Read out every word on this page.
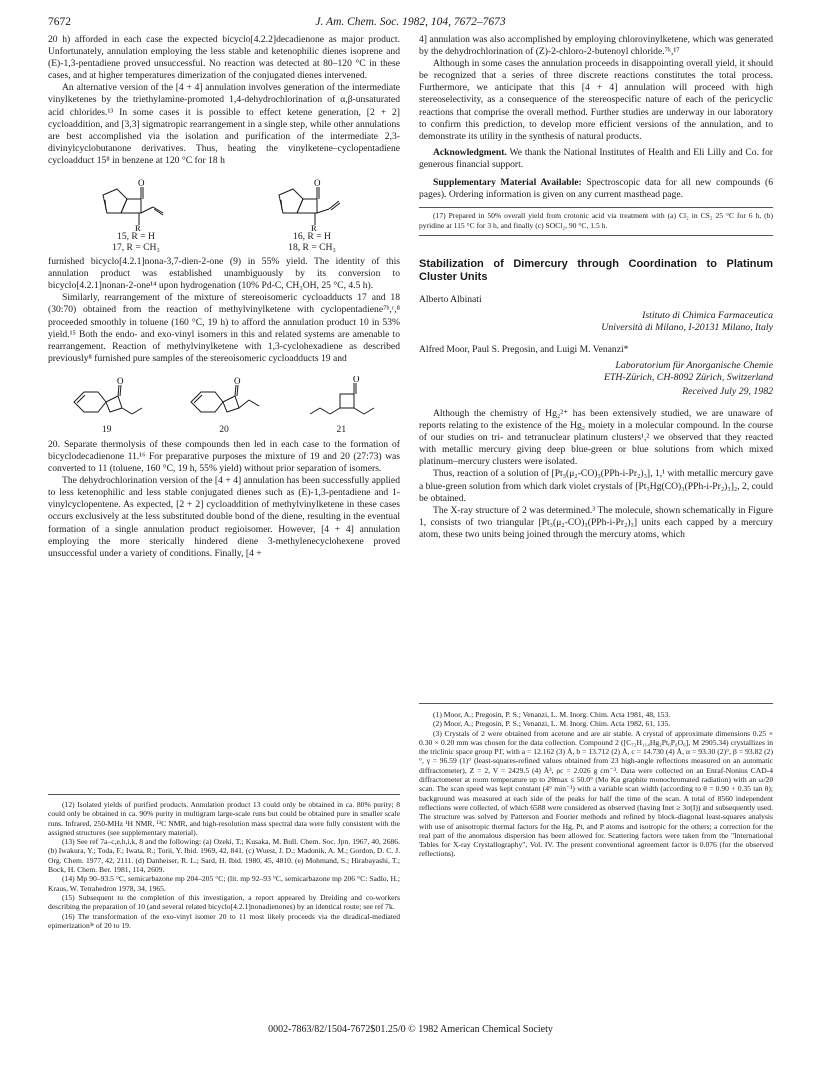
7672	J. Am. Chem. Soc. 1982, 104, 7672–7673

20 h) afforded in each case the expected bicyclo[4.2.2]decadienone as major product. Unfortunately, annulation employing the less stable and ketenophilic dienes isoprene and (E)-1,3-pentadiene proved unsuccessful. No reaction was detected at 80–120 °C in these cases, and at higher temperatures dimerization of the conjugated dienes intervened.

An alternative version of the [4 + 4] annulation involves generation of the intermediate vinylketenes by the triethylamine-promoted 1,4-dehydrochlorination of α,β-unsaturated acid chlorides.¹³ In some cases it is possible to effect ketene generation, [2 + 2] cycloaddition, and [3,3] sigmatropic rearrangement in a single step, while other annulations are best accomplished via the isolation and purification of the intermediate 2,3-divinylcyclobutanone derivatives. Thus, heating the vinylketene–cyclopentadiene cycloadduct 15⁸ in benzene at 120 °C for 18 h

O
R
15, R = H
17, R = CH₃
O
R
16, R = H
18, R = CH₃

furnished bicyclo[4.2.1]nona-3,7-dien-2-one (9) in 55% yield. The identity of this annulation product was established unambiguously by its conversion to bicyclo[4.2.1]nonan-2-one¹⁴ upon hydrogenation (10% Pd-C, CH₃OH, 25 °C, 4.5 h).

Similarly, rearrangement of the mixture of stereoisomeric cycloadducts 17 and 18 (30:70) obtained from the reaction of methylvinylketene with cyclopentadiene⁷ᵇ,ᶜ,⁸ proceeded smoothly in toluene (160 °C, 19 h) to afford the annulation product 10 in 53% yield.¹⁵ Both the endo- and exo-vinyl isomers in this and related systems are amenable to rearrangement. Reaction of methylvinylketene with 1,3-cyclohexadiene as described previously⁸ furnished pure samples of the stereoisomeric cycloadducts 19 and

O
19
O
20
O
21

20. Separate thermolysis of these compounds then led in each case to the formation of bicyclodecadienone 11.¹⁶ For preparative purposes the mixture of 19 and 20 (27:73) was converted to 11 (toluene, 160 °C, 19 h, 55% yield) without prior separation of isomers.

The dehydrochlorination version of the [4 + 4] annulation has been successfully applied to less ketenophilic and less stable conjugated dienes such as (E)-1,3-pentadiene and 1-vinylcyclopentene. As expected, [2 + 2] cycloaddition of methylvinylketene in these cases occurs exclusively at the less substituted double bond of the diene, resulting in the eventual formation of a single annulation product regioisomer. However, [4 + 4] annulation employing the more sterically hindered diene 3-methylenecyclohexene proved unsuccessful under a variety of conditions. Finally, [4 +

(12) Isolated yields of purified products. Annulation product 13 could only be obtained in ca. 80% purity; 8 could only be obtained in ca. 90% purity in multigram large-scale runs but could be obtained pure in smaller scale runs. Infrared, 250-MHz ¹H NMR, ¹³C NMR, and high-resolution mass spectral data were fully consistent with the assigned structures (see supplementary material).

(13) See ref 7a–c,e,h,i,k, 8 and the following: (a) Ozeki, T.; Kusaka, M. Bull. Chem. Soc. Jpn. 1967, 40, 2686. (b) Iwakura, Y.; Toda, F.; Iwata, R.; Torii, Y. Ibid. 1969, 42, 841. (c) Wuest, J. D.; Madonik, A. M.; Gordon, D. C. J. Org. Chem. 1977, 42, 2111. (d) Danheiser, R. L.; Sard, H. Ibid. 1980, 45, 4810. (e) Mohmand, S.; Hirabayashi, T.; Bock, H. Chem. Ber. 1981, 114, 2609.

(14) Mp 90–93.5 °C, semicarbazone mp 204–205 °C; (lit. mp 92–93 °C, semicarbazone mp 206 °C: Sadlo, H.; Kraus, W. Tetrahedron 1978, 34, 1965.

(15) Subsequent to the completion of this investigation, a report appeared by Dreiding and co-workers describing the preparation of 10 (and several related bicyclo[4.2.1]nonadienones) by an identical route; see ref 7k.

(16) The transformation of the exo-vinyl isomer 20 to 11 most likely proceeds via the diradical-mediated epimerization³ᵉ of 20 to 19.

4] annulation was also accomplished by employing chlorovinylketene, which was generated by the dehydrochlorination of (Z)-2-chloro-2-butenoyl chloride.⁷ᵏ,¹⁷

Although in some cases the annulation proceeds in disappointing overall yield, it should be recognized that a series of three discrete reactions constitutes the total process. Furthermore, we anticipate that this [4 + 4] annulation will proceed with high stereoselectivity, as a consequence of the stereospecific nature of each of the pericyclic reactions that comprise the overall method. Further studies are underway in our laboratory to confirm this prediction, to develop more efficient versions of the annulation, and to demonstrate its utility in the synthesis of natural products.

Acknowledgment. We thank the National Institutes of Health and Eli Lilly and Co. for generous financial support.

Supplementary Material Available: Spectroscopic data for all new compounds (6 pages). Ordering information is given on any current masthead page.

(17) Prepared in 50% overall yield from crotonic acid via treatment with (a) Cl₂ in CS₂ 25 °C for 6 h, (b) pyridine at 115 °C for 3 h, and finally (c) SOCl₂, 90 °C, 1.5 h.

Stabilization of Dimercury through Coordination to Platinum Cluster Units
Alberto Albinati
Istituto di Chimica Farmaceutica
Università di Milano, I-20131 Milano, Italy
Alfred Moor, Paul S. Pregosin, and Luigi M. Venanzi*
Laboratorium für Anorganische Chemie
ETH-Zürich, CH-8092 Zürich, Switzerland
Received July 29, 1982

Although the chemistry of Hg₂²⁺ has been extensively studied, we are unaware of reports relating to the existence of the Hg₂ moiety in a molecular compound. In the course of our studies on tri- and tetranuclear platinum clusters¹,² we observed that they reacted with metallic mercury giving deep blue-green or blue solutions from which mixed platinum–mercury clusters were isolated.

Thus, reaction of a solution of [Pt₃(μ₂-CO)₃(PPh-i-Pr₂)₃], 1,¹ with metallic mercury gave a blue-green solution from which dark violet crystals of [Pt₃Hg(CO)₃(PPh-i-Pr₂)₃]₂, 2, could be obtained.

The X-ray structure of 2 was determined.³ The molecule, shown schematically in Figure 1, consists of two triangular [Pt₃(μ₂-CO)₃(PPh-i-Pr₂)₃] units each capped by a mercury atom, these two units being joined through the mercury atoms, which

(1) Moor, A.; Pregosin, P. S.; Venanzi, L. M. Inorg. Chim. Acta 1981, 48, 153.

(2) Moor, A.; Pregosin, P. S.; Venanzi, L. M. Inorg. Chim. Acta 1982, 61, 135.

(3) Crystals of 2 were obtained from acetone and are air stable. A crystal of approximate dimensions 0.25 × 0.30 × 0.20 mm was chosen for the data collection. Compound 2 ([C₇₂H₁₁₄Hg₂Pt₆P₆O₆], M 2905.34) crystallizes in the triclinic space group P1̄, with a = 12.162 (3) Å, b = 13.712 (2) Å, c = 14.730 (4) Å, α = 93.30 (2)°, β = 93.82 (2)°, γ = 96.59 (1)° (least-squares-refined values obtained from 23 high-angle reflections measured on an automatic diffractometer), Z = 2, V = 2429.5 (4) Å³, ρc = 2.026 g cm⁻³. Data were collected on an Enraf-Nonius CAD-4 diffractometer at room temperature up to 2θmax ≤ 50.0° (Mo Kα graphite monochromated radiation) with an ω/2θ scan. The scan speed was kept constant (4° min⁻¹) with a variable scan width (according to θ = 0.90 + 0.35 tan θ); background was measured at each side of the peaks for half the time of the scan. A total of 8560 independent reflections were collected, of which 6588 were considered as observed (having Inet ≥ 3σ(I)) and subsequently used. The structure was solved by Patterson and Fourier methods and refined by block-diagonal least-squares analysis with use of anisotropic thermal factors for the Hg, Pt, and P atoms and isotropic for the others; a correction for the real part of the anomalous dispersion has been allowed for. Scattering factors were taken from the "International Tables for X-ray Crystallography", Vol. IV. The present conventional agreement factor is 0.076 (for the observed reflections).

0002-7863/82/1504-7672$01.25/0 © 1982 American Chemical Society
